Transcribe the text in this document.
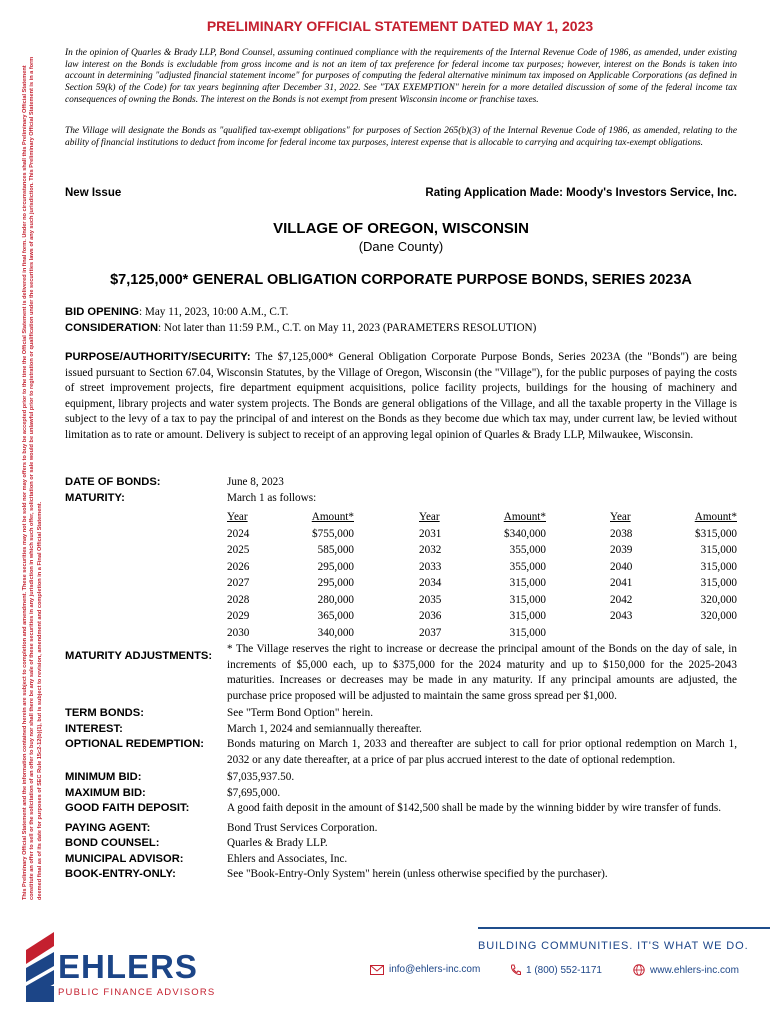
This Preliminary Official Statement and the information contained herein are subject to completion and amendment. These securities may not be sold nor may offers to buy be accepted prior to the time the Official Statement is delivered in final form. Under no circumstances shall this Preliminary Official Statement constitute an offer to sell or the solicitation of an offer to buy nor shall there be any sale of these securities in any jurisdiction in which such offer, solicitation or sale would be unlawful prior to registration or qualification under the securities laws of any such jurisdiction. This Preliminary Official Statement is in a form deemed final as of its date for purposes of SEC Rule 15c2-12(b)(1), but is subject to revision, amendment and completion in a Final Official Statement.
PRELIMINARY OFFICIAL STATEMENT DATED MAY 1, 2023

In the opinion of Quarles & Brady LLP, Bond Counsel, assuming continued compliance with the requirements of the Internal Revenue Code of 1986, as amended, under existing law interest on the Bonds is excludable from gross income and is not an item of tax preference for federal income tax purposes; however, interest on the Bonds is taken into account in determining "adjusted financial statement income" for purposes of computing the federal alternative minimum tax imposed on Applicable Corporations (as defined in Section 59(k) of the Code) for tax years beginning after December 31, 2022. See "TAX EXEMPTION" herein for a more detailed discussion of some of the federal income tax consequences of owning the Bonds. The interest on the Bonds is not exempt from present Wisconsin income or franchise taxes.

The Village will designate the Bonds as "qualified tax-exempt obligations" for purposes of Section 265(b)(3) of the Internal Revenue Code of 1986, as amended, relating to the ability of financial institutions to deduct from income for federal income tax purposes, interest expense that is allocable to carrying and acquiring tax-exempt obligations.

New Issue	Rating Application Made: Moody's Investors Service, Inc.
VILLAGE OF OREGON, WISCONSIN
(Dane County)
$7,125,000* GENERAL OBLIGATION CORPORATE PURPOSE BONDS, SERIES 2023A
BID OPENING: May 11, 2023, 10:00 A.M., C.T.
CONSIDERATION: Not later than 11:59 P.M., C.T. on May 11, 2023 (PARAMETERS RESOLUTION)
PURPOSE/AUTHORITY/SECURITY: The $7,125,000* General Obligation Corporate Purpose Bonds, Series 2023A (the "Bonds") are being issued pursuant to Section 67.04, Wisconsin Statutes, by the Village of Oregon, Wisconsin (the "Village"), for the public purposes of paying the costs of street improvement projects, fire department equipment acquisitions, police facility projects, buildings for the housing of machinery and equipment, library projects and water system projects. The Bonds are general obligations of the Village, and all the taxable property in the Village is subject to the levy of a tax to pay the principal of and interest on the Bonds as they become due which tax may, under current law, be levied without limitation as to rate or amount. Delivery is subject to receipt of an approving legal opinion of Quarles & Brady LLP, Milwaukee, Wisconsin.
DATE OF BONDS:	June 8, 2023
MATURITY:	March 1 as follows:
Year	Amount*
2024	$755,000
2025	585,000
2026	295,000
2027	295,000
2028	280,000
2029	365,000
2030	340,000
Year	Amount*
2031	$340,000
2032	355,000
2033	355,000
2034	315,000
2035	315,000
2036	315,000
2037	315,000
Year	Amount*
2038	$315,000
2039	315,000
2040	315,000
2041	315,000
2042	320,000
2043	320,000
MATURITY ADJUSTMENTS:
* The Village reserves the right to increase or decrease the principal amount of the Bonds on the day of sale, in increments of $5,000 each, up to $375,000 for the 2024 maturity and up to $150,000 for the 2025-2043 maturities. Increases or decreases may be made in any maturity. If any principal amounts are adjusted, the purchase price proposed will be adjusted to maintain the same gross spread per $1,000.
TERM BONDS:	See "Term Bond Option" herein.
INTEREST:	March 1, 2024 and semiannually thereafter.
OPTIONAL REDEMPTION:	Bonds maturing on March 1, 2033 and thereafter are subject to call for prior optional redemption on March 1, 2032 or any date thereafter, at a price of par plus accrued interest to the date of optional redemption.
MINIMUM BID:	$7,035,937.50.
MAXIMUM BID:	$7,695,000.
GOOD FAITH DEPOSIT:	A good faith deposit in the amount of $142,500 shall be made by the winning bidder by wire transfer of funds.
PAYING AGENT:	Bond Trust Services Corporation.
BOND COUNSEL:	Quarles & Brady LLP.
MUNICIPAL ADVISOR:	Ehlers and Associates, Inc.
BOOK-ENTRY-ONLY:	See "Book-Entry-Only System" herein (unless otherwise specified by the purchaser).
EHLERS
PUBLIC FINANCE ADVISORS
BUILDING COMMUNITIES. IT'S WHAT WE DO.
info@ehlers-inc.com	1 (800) 552-1171	www.ehlers-inc.com
